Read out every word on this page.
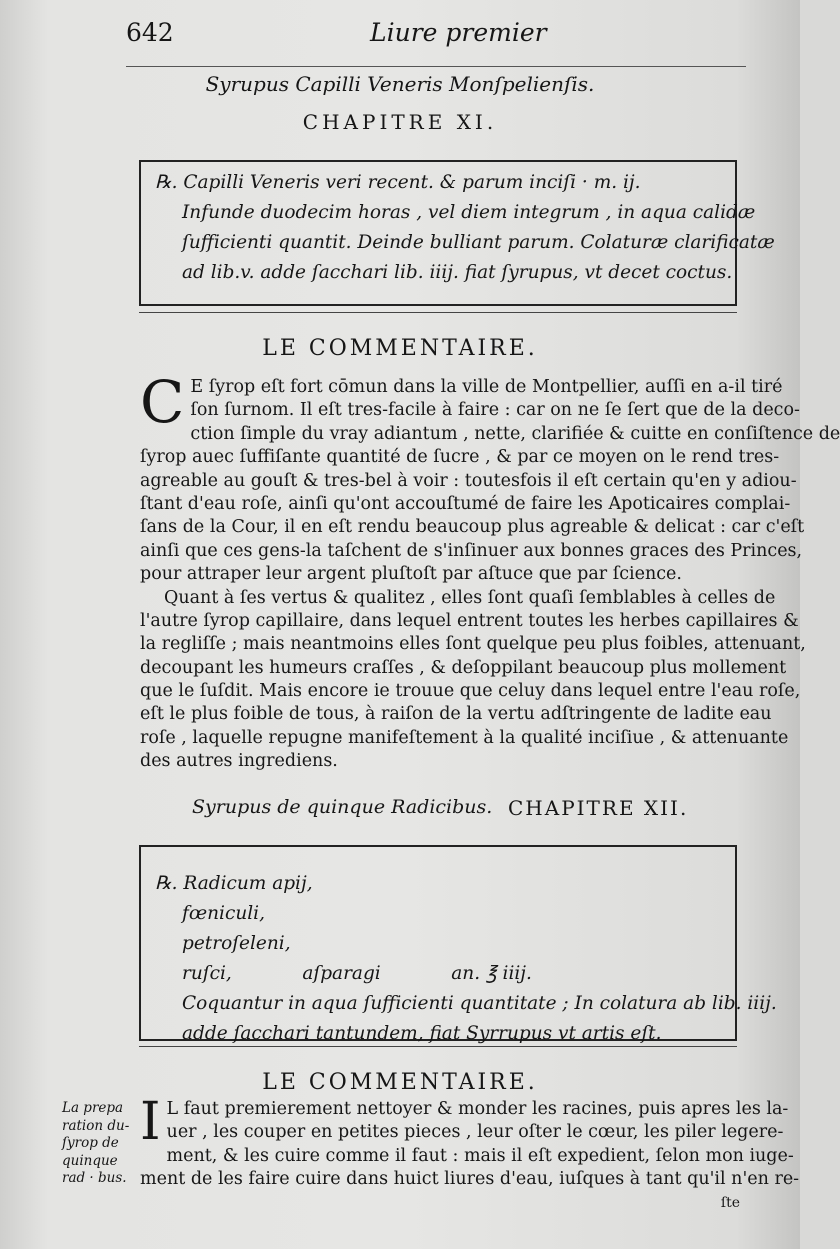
642	Liure premier
Syrupus Capilli Veneris Monſpelienſis.
CHAPITRE XI.
℞. Capilli Veneris veri recent. & parum inciſi · m. ij.
Infunde duodecim horas , vel diem integrum , in aqua calidæ
ſufficienti quantit. Deinde bulliant parum. Colaturæ clarificatæ
ad lib.v. adde ſacchari lib. iiij. fiat ſyrupus, vt decet coctus.
LE COMMENTAIRE.
C E ſyrop eſt fort cōmun dans la ville de Montpellier, auſſi en a-il tiré
ſon ſurnom. Il eſt tres-facile à faire : car on ne ſe ſert que de la deco-
ction ſimple du vray adiantum , nette, clarifiée & cuitte en conſiſtence de
ſyrop auec ſuffiſante quantité de ſucre , & par ce moyen on le rend tres-
agreable au gouſt & tres-bel à voir : toutesfois il eſt certain qu'en y adiou-
ſtant d'eau roſe, ainſi qu'ont accouſtumé de faire les Apoticaires complai-
ſans de la Cour, il en eſt rendu beaucoup plus agreable & delicat : car c'eſt
ainſi que ces gens-la taſchent de s'inſinuer aux bonnes graces des Princes,
pour attraper leur argent pluſtoſt par aſtuce que par ſcience.
Quant à ſes vertus & qualitez , elles ſont quaſi ſemblables à celles de
l'autre ſyrop capillaire, dans lequel entrent toutes les herbes capillaires &
la regliſſe ; mais neantmoins elles ſont quelque peu plus foibles, attenuant,
decoupant les humeurs craſſes , & deſoppilant beaucoup plus mollement
que le ſuſdit. Mais encore ie trouue que celuy dans lequel entre l'eau roſe,
eſt le plus foible de tous, à raiſon de la vertu adſtringente de ladite eau
roſe , laquelle repugne manifeſtement à la qualité inciſiue , & attenuante
des autres ingrediens.
Syrupus de quinque Radicibus. CHAPITRE XII.
℞. Radicum apij,
fœniculi,
petroſeleni,
ruſci,            aſparagi            an. ℥ iiij.
Coquantur in aqua ſufficienti quantitate ; In colatura ab lib. iiij.
adde ſacchari tantundem, fiat Syrrupus vt artis eſt.
LE COMMENTAIRE.
La prepa
ration du-
ſyrop de
quinque
rad · bus.
I L faut premierement nettoyer & monder les racines, puis apres les la-
uer , les couper en petites pieces , leur oſter le cœur, les piler legere-
ment, & les cuire comme il faut : mais il eſt expedient, ſelon mon iuge-
ment de les faire cuire dans huict liures d'eau, iuſques à tant qu'il n'en re-
ſte
